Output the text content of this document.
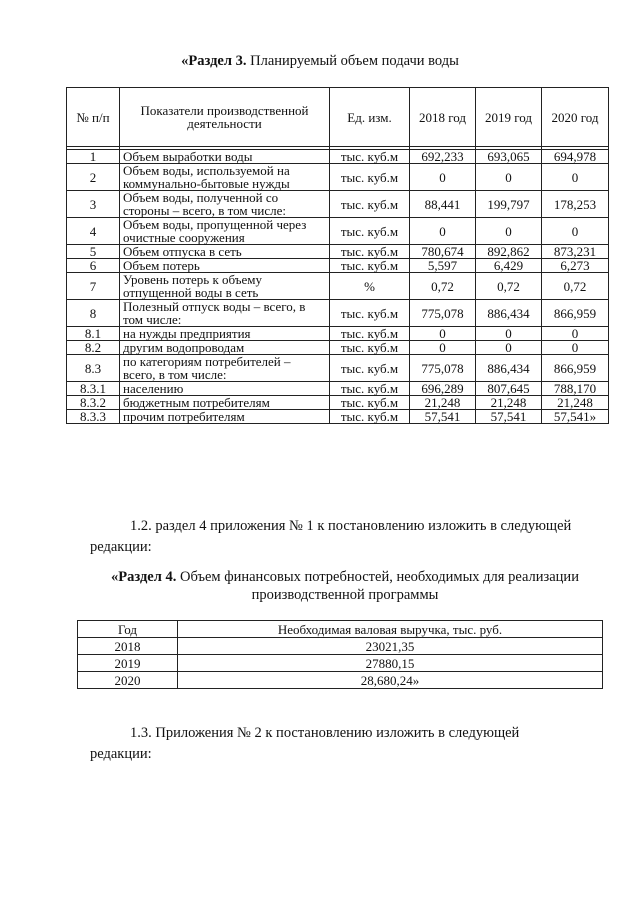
«Раздел 3. Планируемый объем подачи воды
№ п/п	Показатели производственной деятельности	Ед. изм.	2018 год	2019 год	2020 год

1	Объем выработки воды	тыс. куб.м	692,233	693,065	694,978
2	Объем воды, используемой на коммунально-бытовые нужды	тыс. куб.м	0	0	0
3	Объем воды, полученной со стороны – всего, в том числе:	тыс. куб.м	88,441	199,797	178,253
4	Объем воды, пропущенной через очистные сооружения	тыс. куб.м	0	0	0
5	Объем отпуска в сеть	тыс. куб.м	780,674	892,862	873,231
6	Объем потерь	тыс. куб.м	5,597	6,429	6,273
7	Уровень потерь к объему отпущенной воды в сеть	%	0,72	0,72	0,72
8	Полезный отпуск воды – всего, в том числе:	тыс. куб.м	775,078	886,434	866,959
8.1	на нужды предприятия	тыс. куб.м	0	0	0
8.2	другим водопроводам	тыс. куб.м	0	0	0
8.3	по категориям потребителей – всего, в том числе:	тыс. куб.м	775,078	886,434	866,959
8.3.1	населению	тыс. куб.м	696,289	807,645	788,170
8.3.2	бюджетным потребителям	тыс. куб.м	21,248	21,248	21,248
8.3.3	прочим потребителям	тыс. куб.м	57,541	57,541	57,541»
1.2. раздел 4 приложения № 1 к постановлению изложить в следующей
редакции:
«Раздел 4. Объем финансовых потребностей, необходимых для реализации
производственной программы
Год	Необходимая валовая выручка, тыс. руб.
2018	23021,35
2019	27880,15
2020	28,680,24»
1.3. Приложения № 2 к постановлению изложить в следующей
редакции:
